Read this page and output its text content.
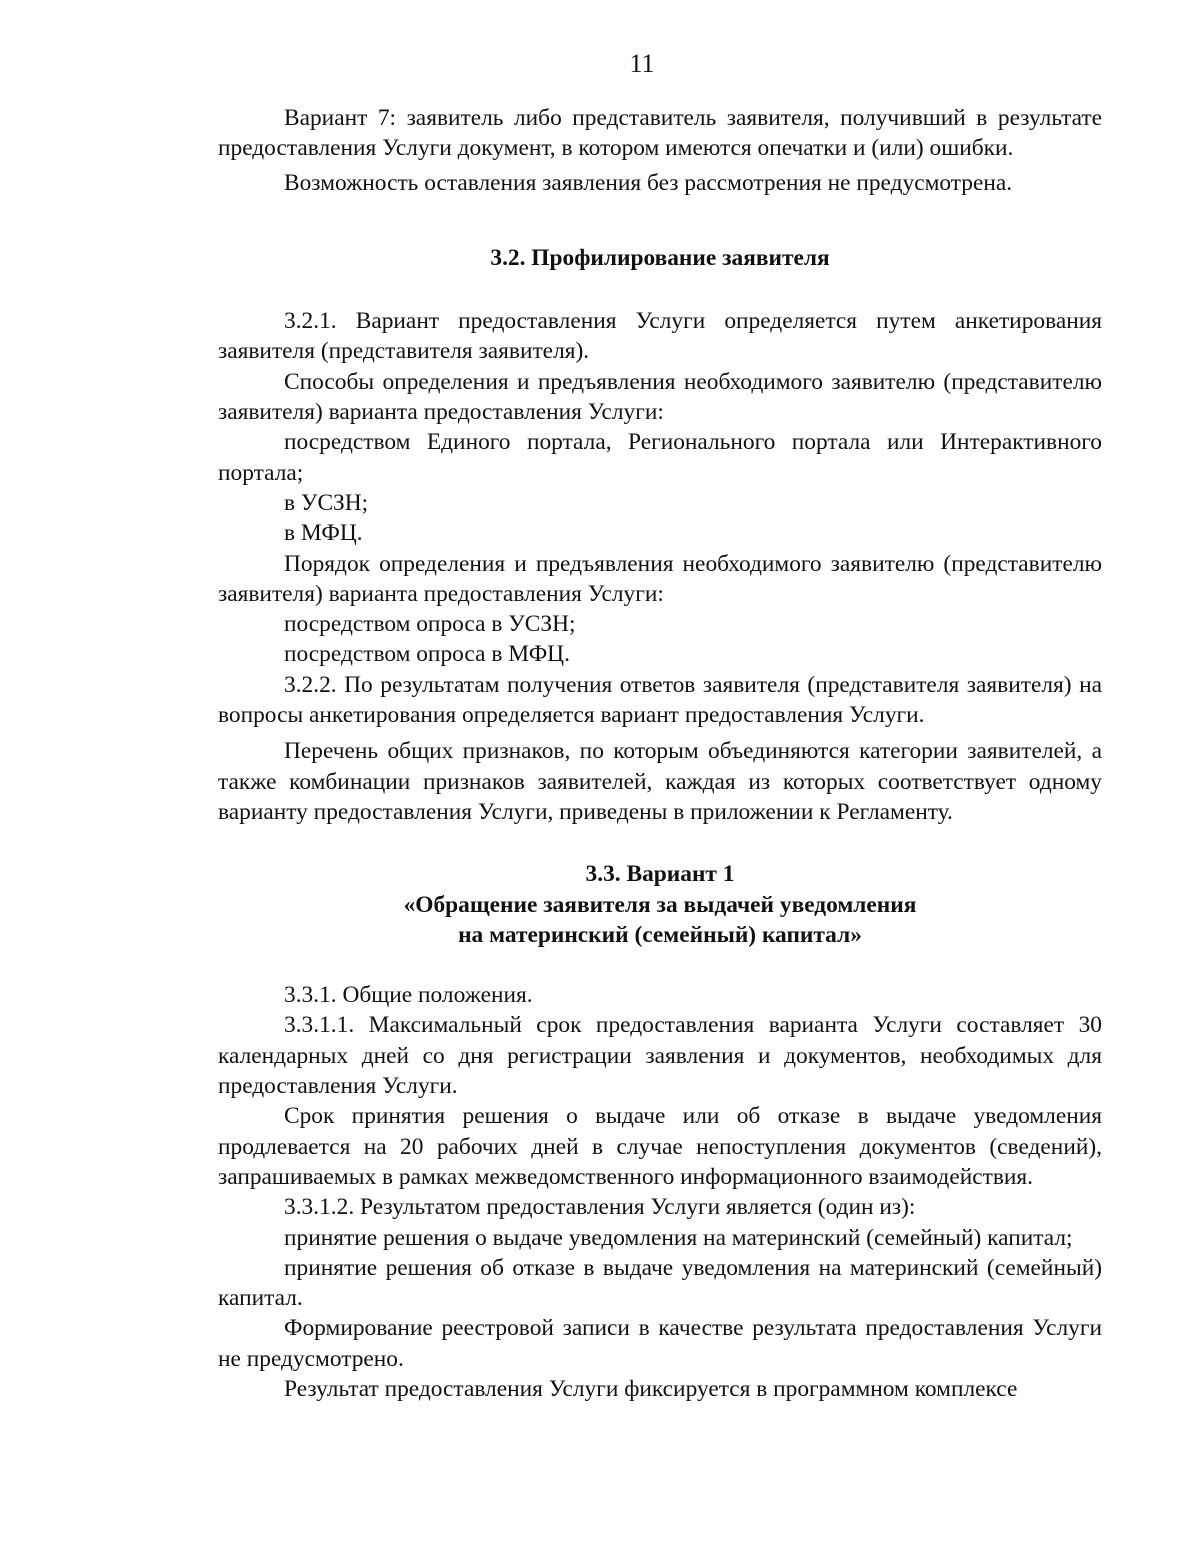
11

Вариант 7: заявитель либо представитель заявителя, получивший в результате предоставления Услуги документ, в котором имеются опечатки и (или) ошибки.

Возможность оставления заявления без рассмотрения не предусмотрена.

3.2. Профилирование заявителя

3.2.1. Вариант предоставления Услуги определяется путем анкетирования заявителя (представителя заявителя).

Способы определения и предъявления необходимого заявителю (представителю заявителя) варианта предоставления Услуги:

посредством Единого портала, Регионального портала или Интерактивного портала;

в УСЗН;

в МФЦ.

Порядок определения и предъявления необходимого заявителю (представителю заявителя) варианта предоставления Услуги:

посредством опроса в УСЗН;

посредством опроса в МФЦ.

3.2.2. По результатам получения ответов заявителя (представителя заявителя) на вопросы анкетирования определяется вариант предоставления Услуги.

Перечень общих признаков, по которым объединяются категории заявителей, а также комбинации признаков заявителей, каждая из которых соответствует одному варианту предоставления Услуги, приведены в приложении к Регламенту.

3.3. Вариант 1
«Обращение заявителя за выдачей уведомления
на материнский (семейный) капитал»

3.3.1. Общие положения.

3.3.1.1. Максимальный срок предоставления варианта Услуги составляет 30 календарных дней со дня регистрации заявления и документов, необходимых для предоставления Услуги.

Срок принятия решения о выдаче или об отказе в выдаче уведомления продлевается на 20 рабочих дней в случае непоступления документов (сведений), запрашиваемых в рамках межведомственного информационного взаимодействия.

3.3.1.2. Результатом предоставления Услуги является (один из):

принятие решения о выдаче уведомления на материнский (семейный) капитал;

принятие решения об отказе в выдаче уведомления на материнский (семейный) капитал.

Формирование реестровой записи в качестве результата предоставления Услуги не предусмотрено.

Результат предоставления Услуги фиксируется в программном комплексе
